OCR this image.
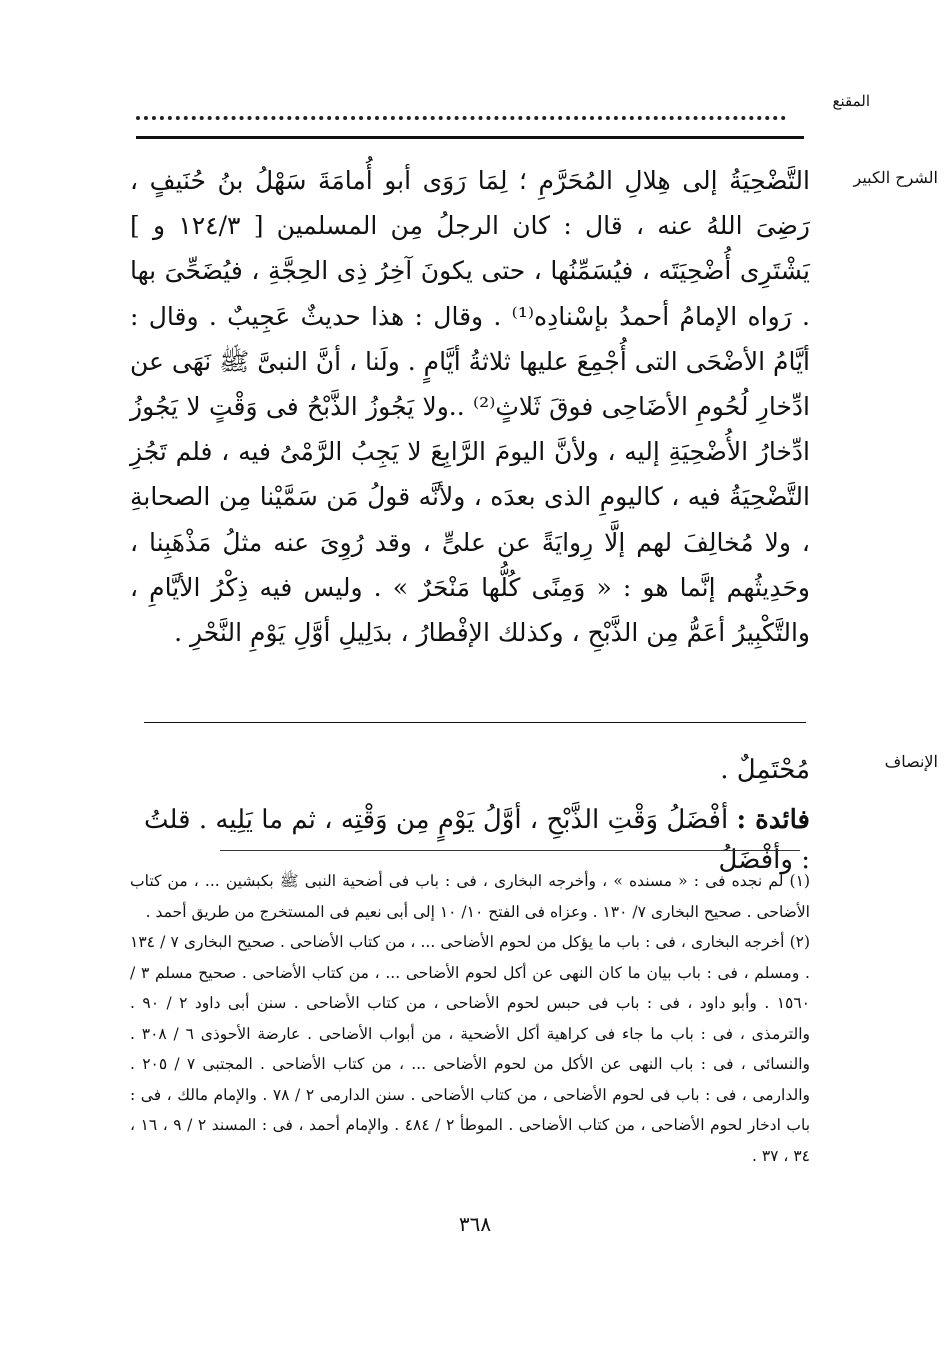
المقنع
الشرح الكبير

التَّضْحِيَةُ إلى هِلالِ المُحَرَّمِ ؛ لِمَا رَوَى أبو أُمامَةَ سَهْلُ بنُ حُنَيفٍ ، رَضِىَ اللهُ عنه ، قال : كان الرجلُ مِن المسلمين [ ١٢٤/٣ و ] يَشْتَرِى أُضْحِيَتَه ، فيُسَمِّنُها ، حتى يكونَ آخِرُ ذِى الحِجَّةِ ، فيُضَحِّىَ بها . رَواه الإمامُ أحمدُ بإسْنادِه⁽¹⁾ . وقال : هذا حديثٌ عَجِيبٌ . وقال : أيَّامُ الأضْحَى التى أُجْمِعَ عليها ثلاثةُ أيَّامٍ . ولَنا ، أنَّ النبىَّ ﷺ نَهَى عن ادِّخارِ لُحُومِ الأضَاحِى فوقَ ثَلاثٍ⁽²⁾ ..ولا يَجُوزُ الذَّبْحُ فى وَقْتٍ لا يَجُوزُ ادِّخارُ الأُضْحِيَةِ إليه ، ولأنَّ اليومَ الرَّابِعَ لا يَجِبُ الرَّمْىُ فيه ، فلم تَجُزِ التَّضْحِيَةُ فيه ، كاليومِ الذى بعدَه ، ولأنَّه قولُ مَن سَمَّيْنا مِن الصحابةِ ، ولا مُخالِفَ لهم إلَّا رِوايَةً عن علىٍّ ، وقد رُوِىَ عنه مثلُ مَذْهَبِنا ، وحَدِيثُهم إنَّما هو : « وَمِنًى كُلُّها مَنْحَرٌ » . وليس فيه ذِكْرُ الأيَّامِ ، والتَّكْبِيرُ أعَمُّ مِن الذَّبْحِ ، وكذلك الإفْطارُ ، بدَلِيلِ أوَّلِ يَوْمِ النَّحْرِ .

الإنصاف
مُحْتَمِلٌ .
فائدة : أفْضَلُ وَقْتِ الذَّبْحِ ، أوَّلُ يَوْمٍ مِن وَقْتِه ، ثم ما يَلِيه . قلتُ : وأفْضَلُ

(١) لم نجده فى : « مسنده » ، وأخرجه البخارى ، فى : باب فى أضحية النبى ﷺ بكبشين ... ، من كتاب الأضاحى . صحيح البخارى ٧/ ١٣٠ . وعزاه فى الفتح ١٠/ ١٠ إلى أبى نعيم فى المستخرج من طريق أحمد .

(٢) أخرجه البخارى ، فى : باب ما يؤكل من لحوم الأضاحى ... ، من كتاب الأضاحى . صحيح البخارى ٧ / ١٣٤ . ومسلم ، فى : باب بيان ما كان النهى عن أكل لحوم الأضاحى ... ، من كتاب الأضاحى . صحيح مسلم ٣ / ١٥٦٠ . وأبو داود ، فى : باب فى حبس لحوم الأضاحى ، من كتاب الأضاحى . سنن أبى داود ٢ / ٩٠ . والترمذى ، فى : باب ما جاء فى كراهية أكل الأضحية ، من أبواب الأضاحى . عارضة الأحوذى ٦ / ٣٠٨ . والنسائى ، فى : باب النهى عن الأكل من لحوم الأضاحى ... ، من كتاب الأضاحى . المجتبى ٧ / ٢٠٥ . والدارمى ، فى : باب فى لحوم الأضاحى ، من كتاب الأضاحى . سنن الدارمى ٢ / ٧٨ . والإمام مالك ، فى : باب ادخار لحوم الأضاحى ، من كتاب الأضاحى . الموطأ ٢ / ٤٨٤ . والإمام أحمد ، فى : المسند ٢ / ٩ ، ١٦ ، ٣٤ ، ٣٧ .

٣٦٨
